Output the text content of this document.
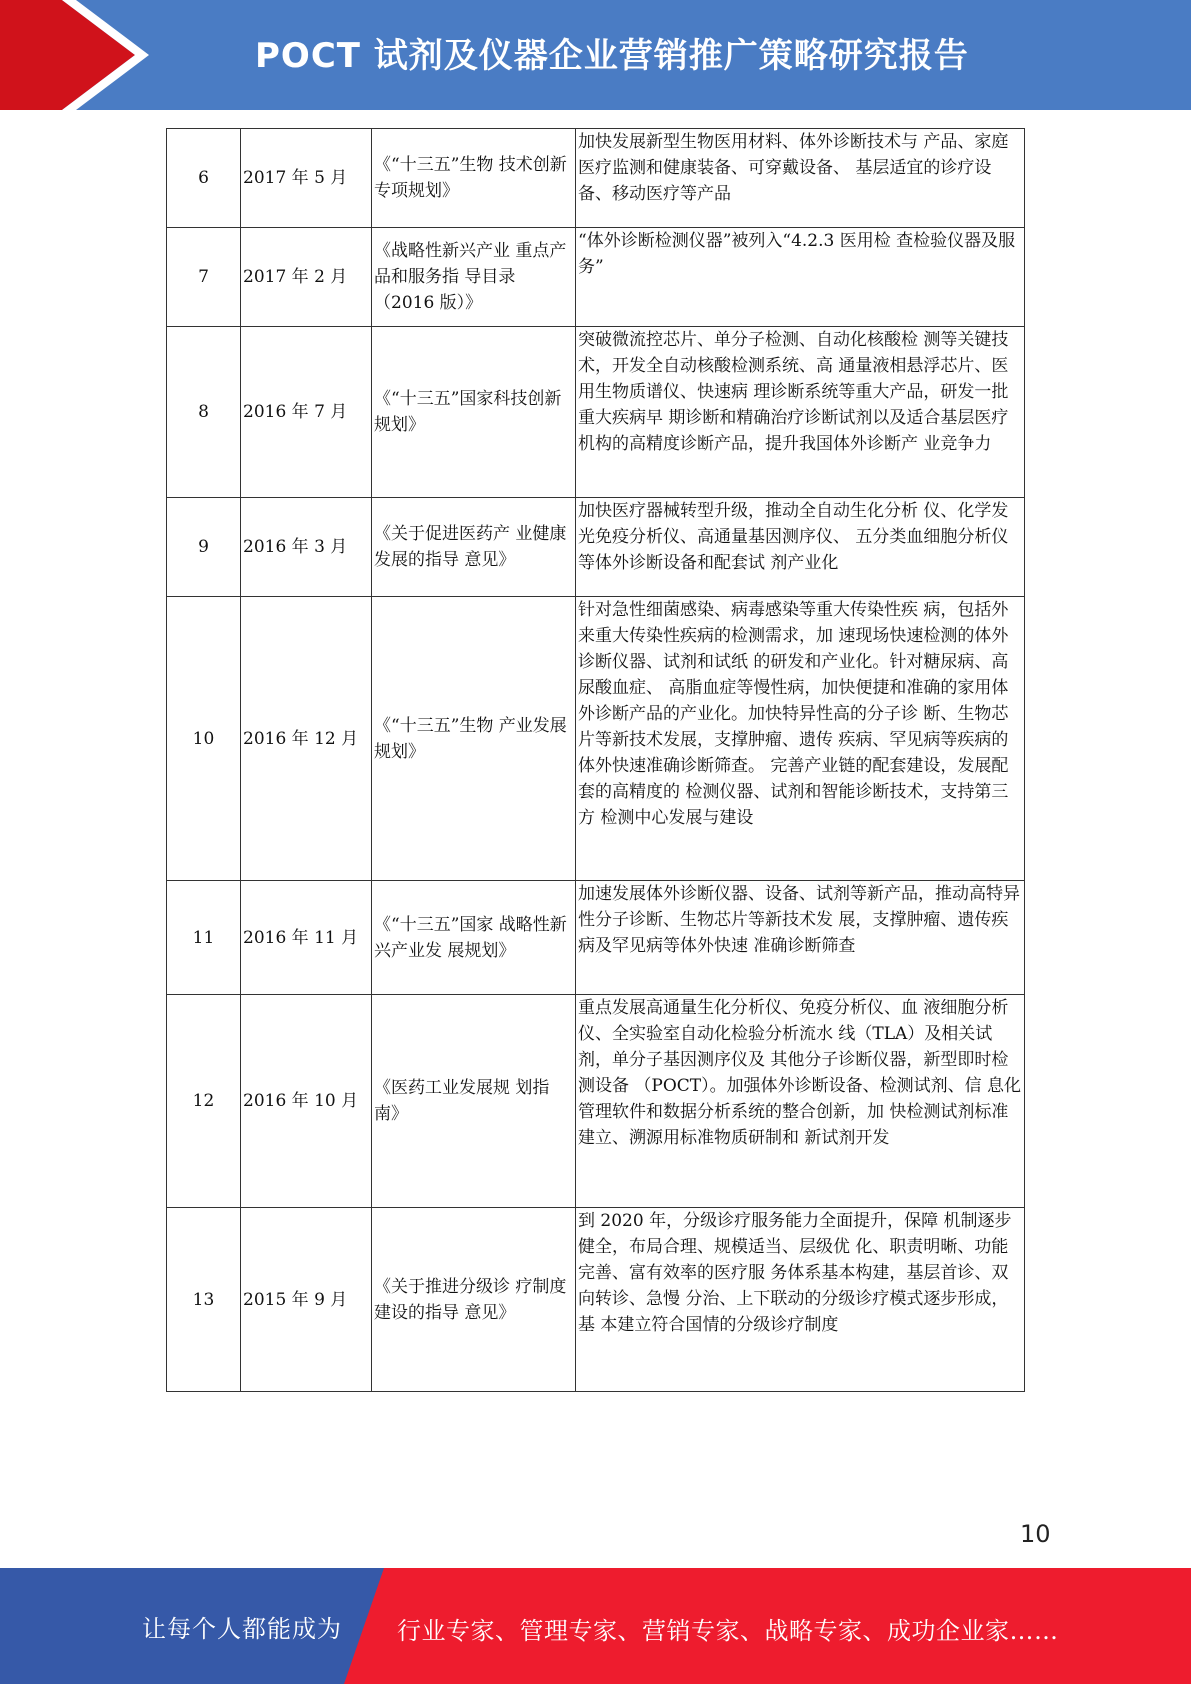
POCT 试剂及仪器企业营销推广策略研究报告
6	2017 年 5 月	《“十三五”生物 技术创新专项规划》	加快发展新型生物医用材料、体外诊断技术与 产品、家庭医疗监测和健康装备、可穿戴设备、 基层适宜的诊疗设备、移动医疗等产品
7	2017 年 2 月	《战略性新兴产业 重点产品和服务指 导目录（2016 版）》	“体外诊断检测仪器”被列入“4.2.3 医用检 查检验仪器及服务”
8	2016 年 7 月	《“十三五”国家科技创新规划》	突破微流控芯片、单分子检测、自动化核酸检 测等关键技术，开发全自动核酸检测系统、高 通量液相悬浮芯片、医用生物质谱仪、快速病 理诊断系统等重大产品，研发一批重大疾病早 期诊断和精确治疗诊断试剂以及适合基层医疗 机构的高精度诊断产品，提升我国体外诊断产 业竞争力
9	2016 年 3 月	《关于促进医药产 业健康发展的指导 意见》	加快医疗器械转型升级，推动全自动生化分析 仪、化学发光免疫分析仪、高通量基因测序仪、 五分类血细胞分析仪等体外诊断设备和配套试 剂产业化

10	2016 年 12 月	《“十三五”生物 产业发展规划》	针对急性细菌感染、病毒感染等重大传染性疾 病，包括外来重大传染性疾病的检测需求，加 速现场快速检测的体外诊断仪器、试剂和试纸 的研发和产业化。针对糖尿病、高尿酸血症、 高脂血症等慢性病，加快便捷和准确的家用体 外诊断产品的产业化。加快特异性高的分子诊 断、生物芯片等新技术发展，支撑肿瘤、遗传 疾病、罕见病等疾病的体外快速准确诊断筛查。 完善产业链的配套建设，发展配套的高精度的 检测仪器、试剂和智能诊断技术，支持第三方 检测中心发展与建设
11	2016 年 11 月	《“十三五”国家 战略性新兴产业发 展规划》	加速发展体外诊断仪器、设备、试剂等新产品，推动高特异性分子诊断、生物芯片等新技术发 展，支撑肿瘤、遗传疾病及罕见病等体外快速 准确诊断筛查
12	2016 年 10 月	《医药工业发展规 划指南》	重点发展高通量生化分析仪、免疫分析仪、血 液细胞分析仪、全实验室自动化检验分析流水 线（TLA）及相关试剂，单分子基因测序仪及 其他分子诊断仪器，新型即时检测设备 （POCT）。加强体外诊断设备、检测试剂、信 息化管理软件和数据分析系统的整合创新，加 快检测试剂标准建立、溯源用标准物质研制和 新试剂开发
13	2015 年 9 月	《关于推进分级诊 疗制度建设的指导 意见》	到 2020 年，分级诊疗服务能力全面提升，保障 机制逐步健全，布局合理、规模适当、层级优 化、职责明晰、功能完善、富有效率的医疗服 务体系基本构建，基层首诊、双向转诊、急慢 分治、上下联动的分级诊疗模式逐步形成，基 本建立符合国情的分级诊疗制度
10
让每个人都能成为 行业专家、管理专家、营销专家、战略专家、成功企业家……
